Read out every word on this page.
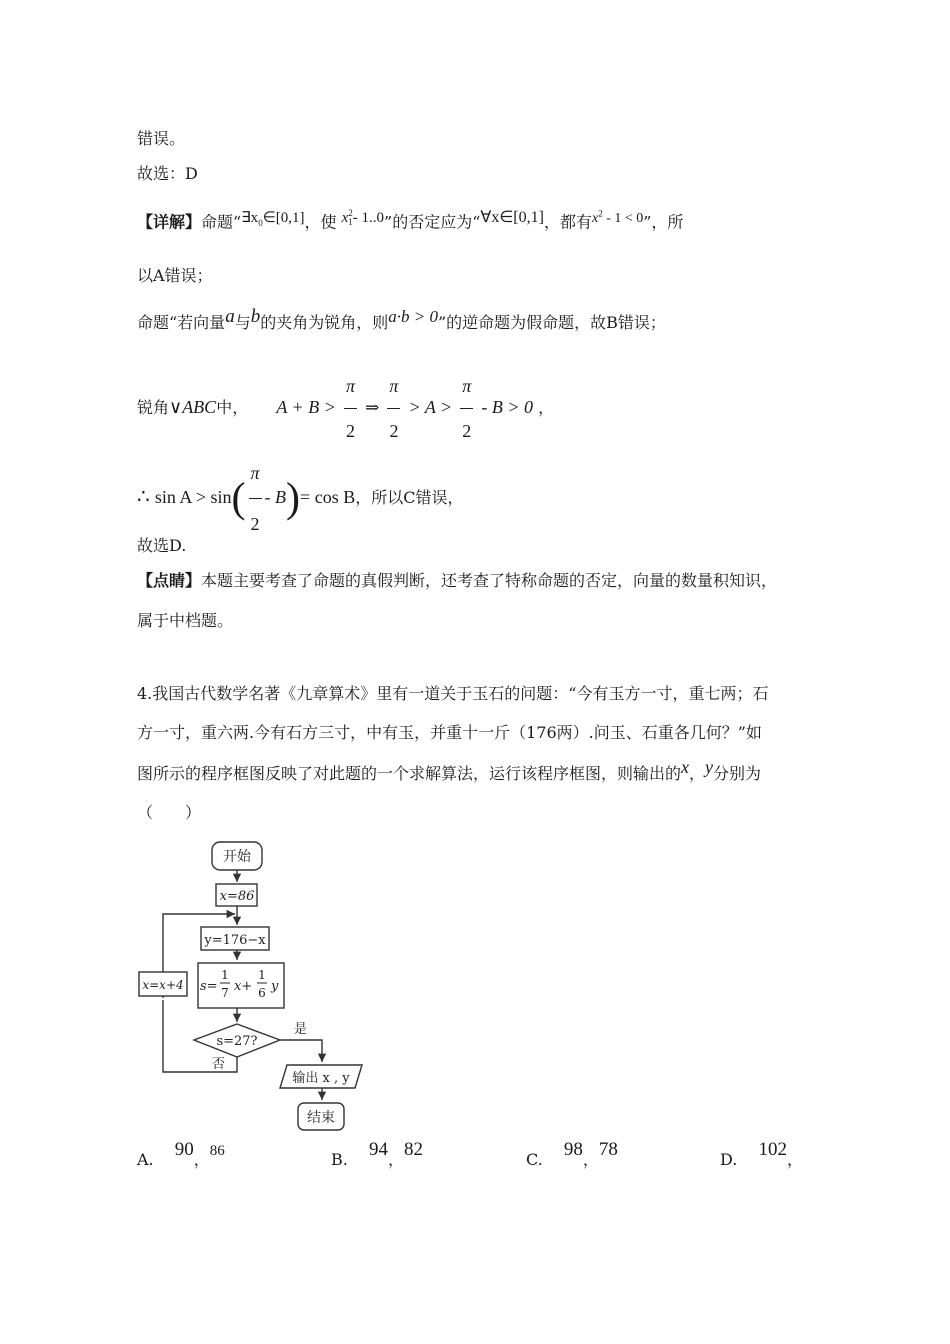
错误。
故选：D
【详解】命题“$\exists x_0\in[0,1]$，使 x 2
1 - 1..0”的否定应为“∀x∈[0,1]，都有$x^2 - 1 < 0$”，所
以A错误；
命题“若向量a与b的夹角为锐角，则a·b > 0”的逆命题为假命题，故B错误；
锐角∨ABC中， $A + B > \frac{\pi}{2}$ ⇒ $\frac{\pi}{2} > A > \frac{\pi}{2} - B > 0$ ，
∴ $\sin A > \sin( \frac{\pi}{2} - B)= \cos B$，所以C错误，
故选D.
【点睛】本题主要考查了命题的真假判断，还考查了特称命题的否定，向量的数量积知识，
属于中档题。
4.我国古代数学名著《九章算术》里有一道关于玉石的问题：“今有玉方一寸，重七两；石
方一寸，重六两.今有石方三寸，中有玉，并重十一斤（176两）.问玉、石重各几何？”如
图所示的程序框图反映了对此题的一个求解算法，运行该程序框图，则输出的x，y分别为
（　　）
开始
x=86
y=176−x
s=
1
7 x+
1
6 y
s=27?
是
否
x=x+4
输出 x , y
结束
A. 90，86	B. 94，82	C. 98，78	D. 102，
